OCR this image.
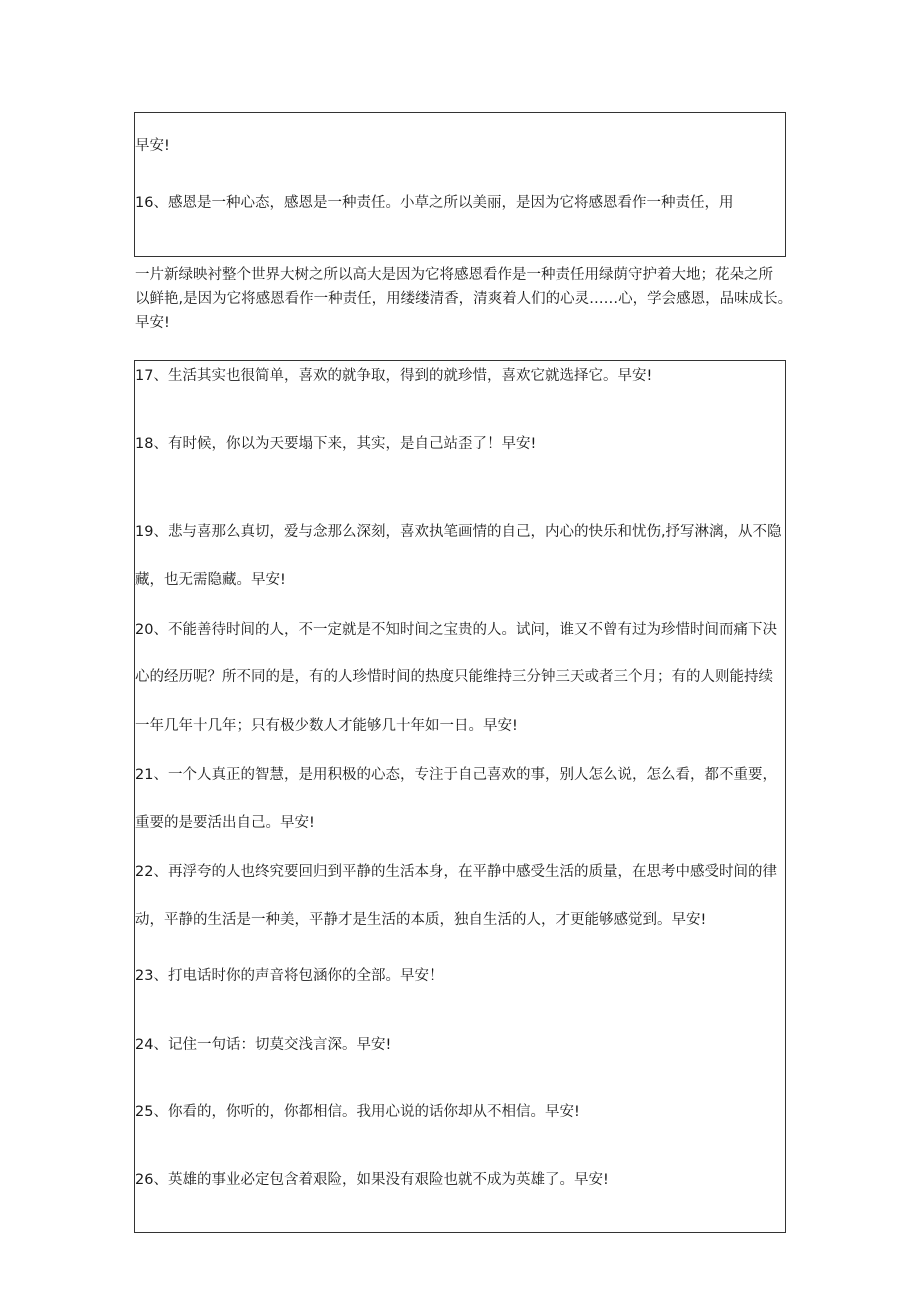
早安!
16、感恩是一种心态，感恩是一种责任。小草之所以美丽，是因为它将感恩看作一种责任，用
一片新绿映衬整个世界大树之所以高大是因为它将感恩看作是一种责任用绿荫守护着大地；花朵之所
以鲜艳,是因为它将感恩看作一种责任，用缕缕清香，清爽着人们的心灵……心，学会感恩，品味成长。
早安!
17、生活其实也很简单，喜欢的就争取，得到的就珍惜，喜欢它就选择它。早安!
18、有时候，你以为天要塌下来，其实，是自己站歪了！早安!
19、悲与喜那么真切，爱与念那么深刻，喜欢执笔画情的自己，内心的快乐和忧伤,抒写淋漓，从不隐
藏，也无需隐藏。早安!
20、不能善待时间的人，不一定就是不知时间之宝贵的人。试问，谁又不曾有过为珍惜时间而痛下决
心的经历呢？所不同的是，有的人珍惜时间的热度只能维持三分钟三天或者三个月；有的人则能持续
一年几年十几年；只有极少数人才能够几十年如一日。早安!
21、一个人真正的智慧，是用积极的心态，专注于自己喜欢的事，别人怎么说，怎么看，都不重要，
重要的是要活出自己。早安!
22、再浮夸的人也终究要回归到平静的生活本身，在平静中感受生活的质量，在思考中感受时间的律
动，平静的生活是一种美，平静才是生活的本质，独自生活的人，才更能够感觉到。早安!
23、打电话时你的声音将包涵你的全部。早安！
24、记住一句话：切莫交浅言深。早安!
25、你看的，你听的，你都相信。我用心说的话你却从不相信。早安!
26、英雄的事业必定包含着艰险，如果没有艰险也就不成为英雄了。早安!
